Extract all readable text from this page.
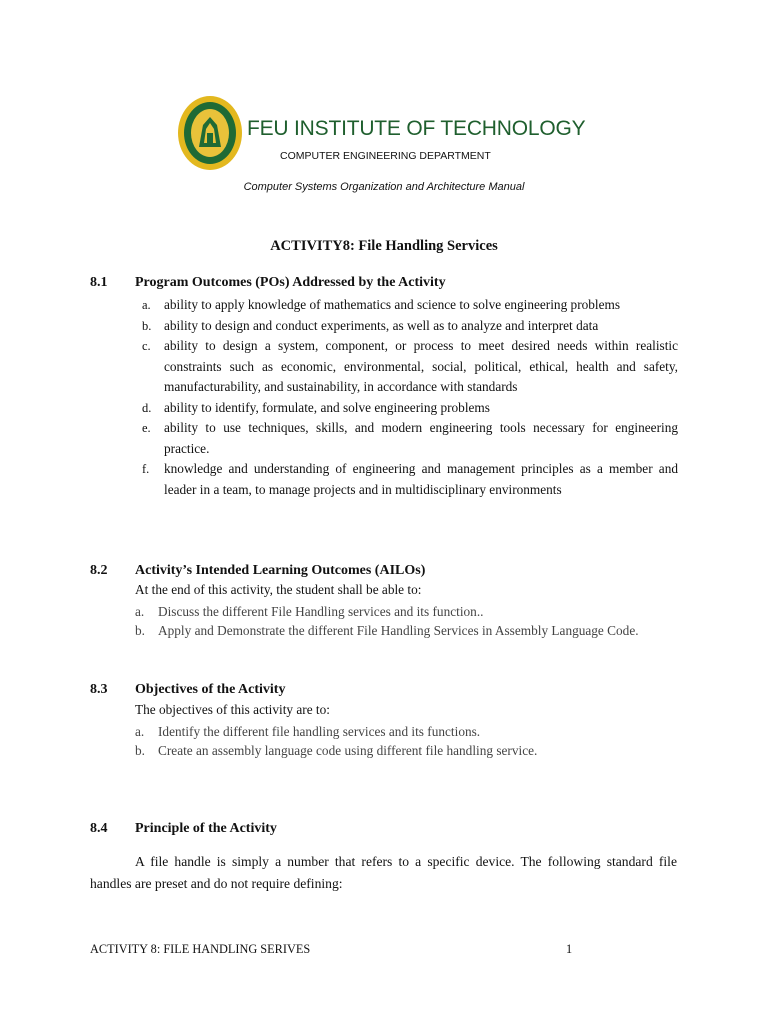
FEU INSTITUTE OF TECHNOLOGY
COMPUTER ENGINEERING DEPARTMENT
Computer Systems Organization and Architecture Manual
ACTIVITY8: File Handling Services
8.1 Program Outcomes (POs) Addressed by the Activity
a. ability to apply knowledge of mathematics and science to solve engineering problems
b. ability to design and conduct experiments, as well as to analyze and interpret data
c. ability to design a system, component, or process to meet desired needs within realistic constraints such as economic, environmental, social, political, ethical, health and safety, manufacturability, and sustainability, in accordance with standards
d. ability to identify, formulate, and solve engineering problems
e. ability to use techniques, skills, and modern engineering tools necessary for engineering practice.
f. knowledge and understanding of engineering and management principles as a member and leader in a team, to manage projects and in multidisciplinary environments
8.2 Activity’s Intended Learning Outcomes (AILOs)
At the end of this activity, the student shall be able to:
a. Discuss the different File Handling services and its function..
b. Apply and Demonstrate the different File Handling Services in Assembly Language Code.
8.3 Objectives of the Activity
The objectives of this activity are to:
a. Identify the different file handling services and its functions.
b. Create an assembly language code using different file handling service.
8.4 Principle of the Activity
A file handle is simply a number that refers to a specific device. The following standard file handles are preset and do not require defining:
ACTIVITY 8: FILE HANDLING SERIVES	1
